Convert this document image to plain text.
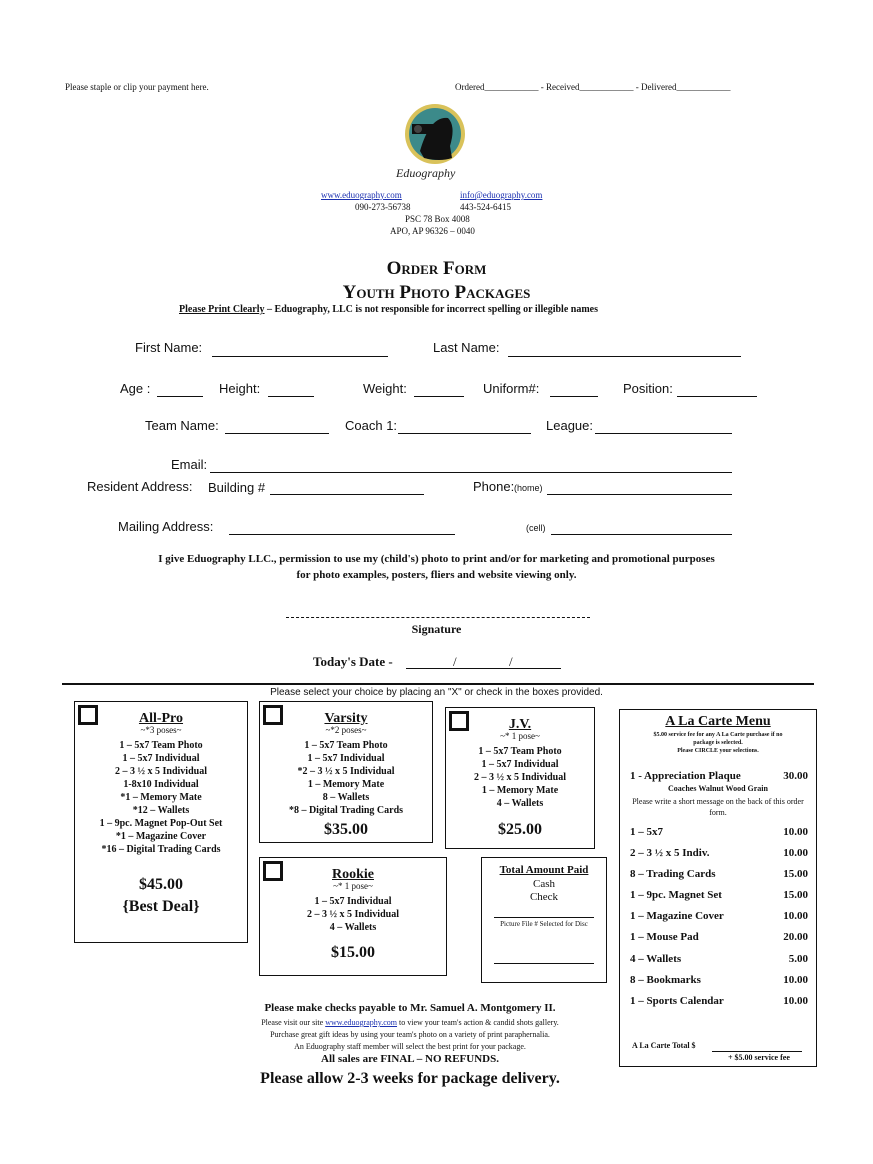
Please staple or clip your payment here.	Ordered____________ - Received____________ - Delivered____________
Eduography
www.eduography.com	info@eduography.com
090-273-56738	443-524-6415
PSC 78 Box 4008
APO, AP 96326 – 0040
Order Form
Youth Photo Packages
Please Print Clearly – Eduography, LLC is not responsible for incorrect spelling or illegible names
First Name:	Last Name:
Age :	Height:	Weight:	Uniform#:	Position:
Team Name:	Coach 1:	League:
Email:
Resident Address: Building #	Phone: (home)
Mailing Address:	(cell)
I give Eduography LLC., permission to use my (child's) photo to print and/or for marketing and promotional purposes
for photo examples, posters, fliers and website viewing only.
Signature
Today's Date -	/	/
Please select your choice by placing an "X" or check in the boxes provided.
All-Pro
~*3 poses~
1 – 5x7 Team Photo
1 – 5x7 Individual
2 – 3 ½ x 5 Individual
1-8x10 Individual
*1 – Memory Mate
*12 – Wallets
1 – 9pc. Magnet Pop-Out Set
*1 – Magazine Cover
*16 – Digital Trading Cards
$45.00
{Best Deal}
Varsity
~*2 poses~
1 – 5x7 Team Photo
1 – 5x7 Individual
*2 – 3 ½ x 5 Individual
1 – Memory Mate
8 – Wallets
*8 – Digital Trading Cards
$35.00
J.V.
~* 1 pose~
1 – 5x7 Team Photo
1 – 5x7 Individual
2 – 3 ½ x 5 Individual
1 – Memory Mate
4 – Wallets
$25.00
Rookie
~* 1 pose~
1 – 5x7 Individual
2 – 3 ½ x 5 Individual
4 – Wallets
$15.00
Total Amount Paid
Cash
Check
Picture File # Selected for Disc
A La Carte Menu
$5.00 service fee for any A La Carte purchase if no
package is selected.
Please CIRCLE your selections.
1 - Appreciation Plaque	30.00
Coaches Walnut Wood Grain
Please write a short message on the back of this order form.
1 – 5x7	10.00
2 – 3 ½ x 5 Indiv.	10.00
8 – Trading Cards	15.00
1 – 9pc. Magnet Set	15.00
1 – Magazine Cover	10.00
1 – Mouse Pad	20.00
4 – Wallets	5.00
8 – Bookmarks	10.00
1 – Sports Calendar	10.00
A La Carte Total $
+ $5.00 service fee
Please make checks payable to Mr. Samuel A. Montgomery II.
Please visit our site www.eduography.com to view your team's action & candid shots gallery.
Purchase great gift ideas by using your team's photo on a variety of print paraphernalia.
An Eduography staff member will select the best print for your package.
All sales are FINAL – NO REFUNDS.
Please allow 2-3 weeks for package delivery.
